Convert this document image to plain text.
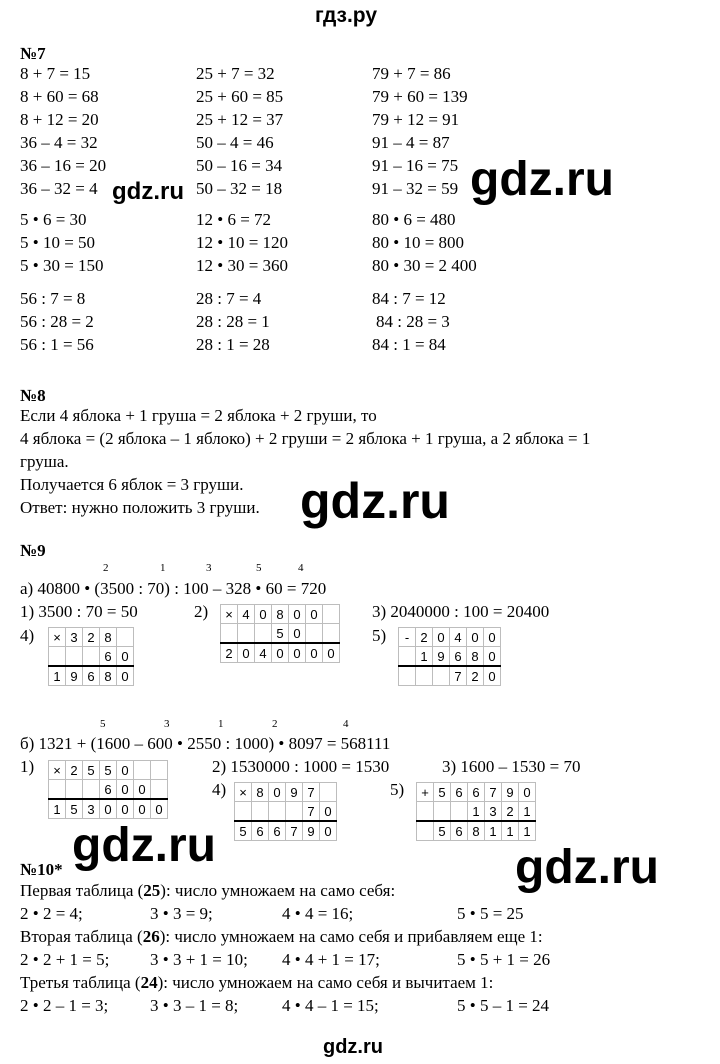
гдз.ру
№7
8 + 7 = 15	25 + 7 = 32	79 + 7 = 86
8 + 60 = 68	25 + 60 = 85	79 + 60 = 139
8 + 12 = 20	25 + 12 = 37	79 + 12 = 91
36 – 4 = 32	50 – 4 = 46	91 – 4 = 87
36 – 16 = 20	50 – 16 = 34	91 – 16 = 75
36 – 32 = 4	50 – 32 = 18	91 – 32 = 59
5 • 6 = 30	12 • 6 = 72	80 • 6 = 480
5 • 10 = 50	12 • 10 = 120	80 • 10 = 800
5 • 30 = 150	12 • 30 = 360	80 • 30 = 2 400
56 : 7 = 8	28 : 7 = 4	84 : 7 = 12
56 : 28 = 2	28 : 28 = 1	84 : 28 = 3
56 : 1 = 56	28 : 1 = 28	84 : 1 = 84
№8
Если 4 яблока + 1 груша = 2 яблока + 2 груши, то
4 яблока = (2 яблока – 1 яблоко) + 2 груши = 2 яблока + 1 груша, а 2 яблока = 1
груша.
Получается 6 яблок = 3 груши.
Ответ: нужно положить 3 груши.
№9
2	1	3	5	4
а) 40800 • (3500 : 70) : 100 – 328 • 60 = 720
1) 3500 : 70 = 50	2)	3) 2040000 : 100 = 20400
4)	5)
×	4	0	8	0	0	
			5	0		
2	0	4	0	0	0	0
×	3	2	8	
			6	0
1	9	6	8	0
-	2	0	4	0	0
	1	9	6	8	0
			7	2	0
5	3	1	2	4
б) 1321 + (1600 – 600 • 2550 : 1000) • 8097 = 568111
1)	2) 1530000 : 1000 = 1530	3) 1600 – 1530 = 70
4)	5)
×	2	5	5	0		
			6	0	0	
1	5	3	0	0	0	0
×	8	0	9	7	
				7	0
5	6	6	7	9	0
+	5	6	6	7	9	0
			1	3	2	1
	5	6	8	1	1	1
№10*
Первая таблица (25): число умножаем на само себя:
2 • 2 = 4;	3 • 3 = 9;	4 • 4 = 16;	5 • 5 = 25
Вторая таблица (26): число умножаем на само себя и прибавляем еще 1:
2 • 2 + 1 = 5; 3 • 3 + 1 = 10; 4 • 4 + 1 = 17;	5 • 5 + 1 = 26
Третья таблица (24): число умножаем на само себя и вычитаем 1:
2 • 2 – 1 = 3; 3 • 3 – 1 = 8;	4 • 4 – 1 = 15;	5 • 5 – 1 = 24
gdz.ru	gdz.ru
gdz.ru
gdz.ru	gdz.ru
gdz.ru
